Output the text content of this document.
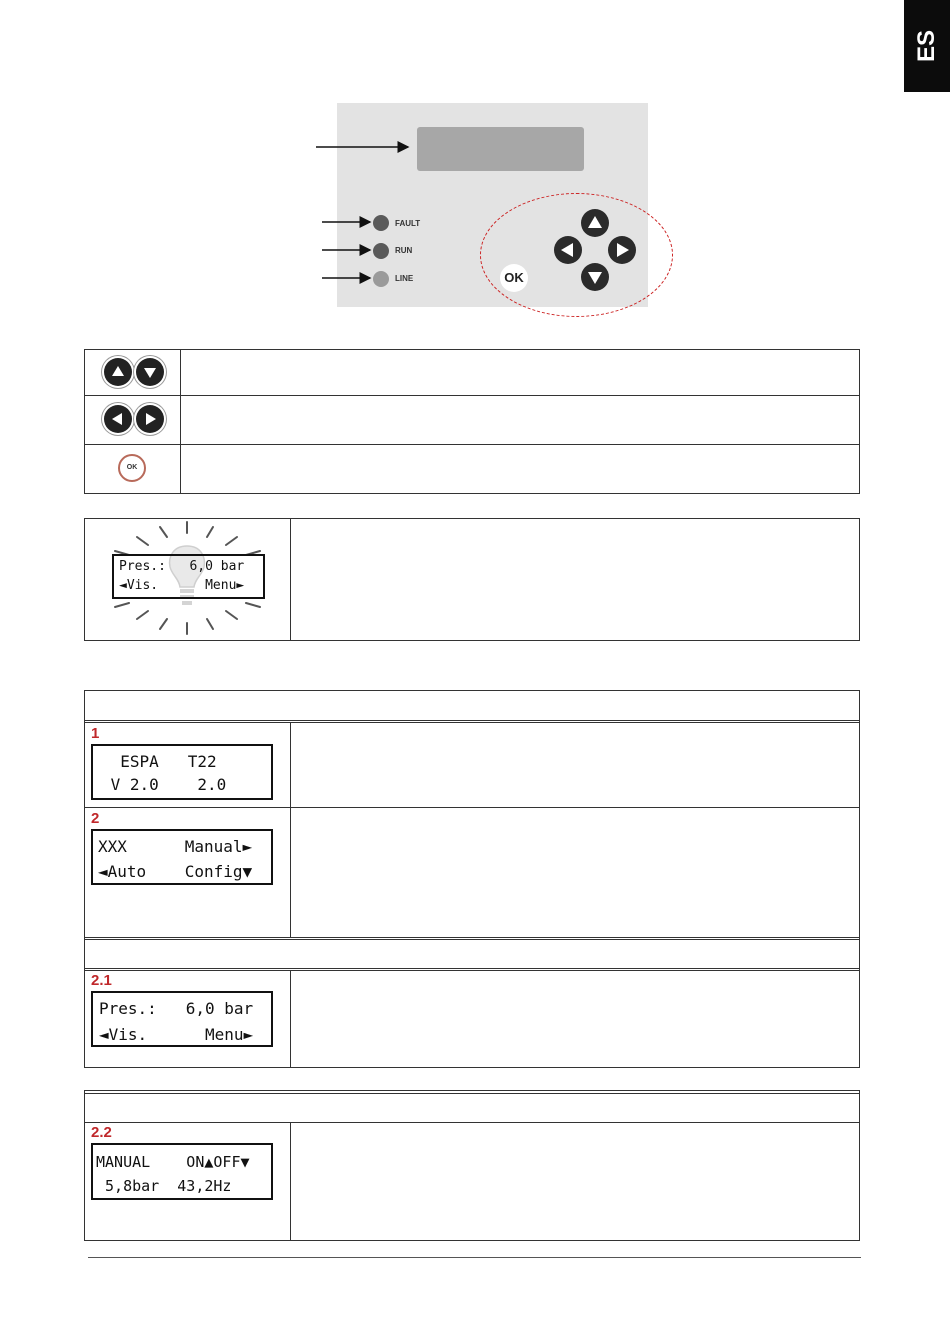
ES
FAULT
RUN
LINE	OK
OK
Pres.:   6,0 bar
◄Vis.      Menu►
1
ESPA   T22
V 2.0    2.0
2
XXX      Manual►
◄Auto    Config▼
2.1
Pres.:   6,0 bar
◄Vis.      Menu►
2.2
MANUAL    ON▲OFF▼
5,8bar  43,2Hz
